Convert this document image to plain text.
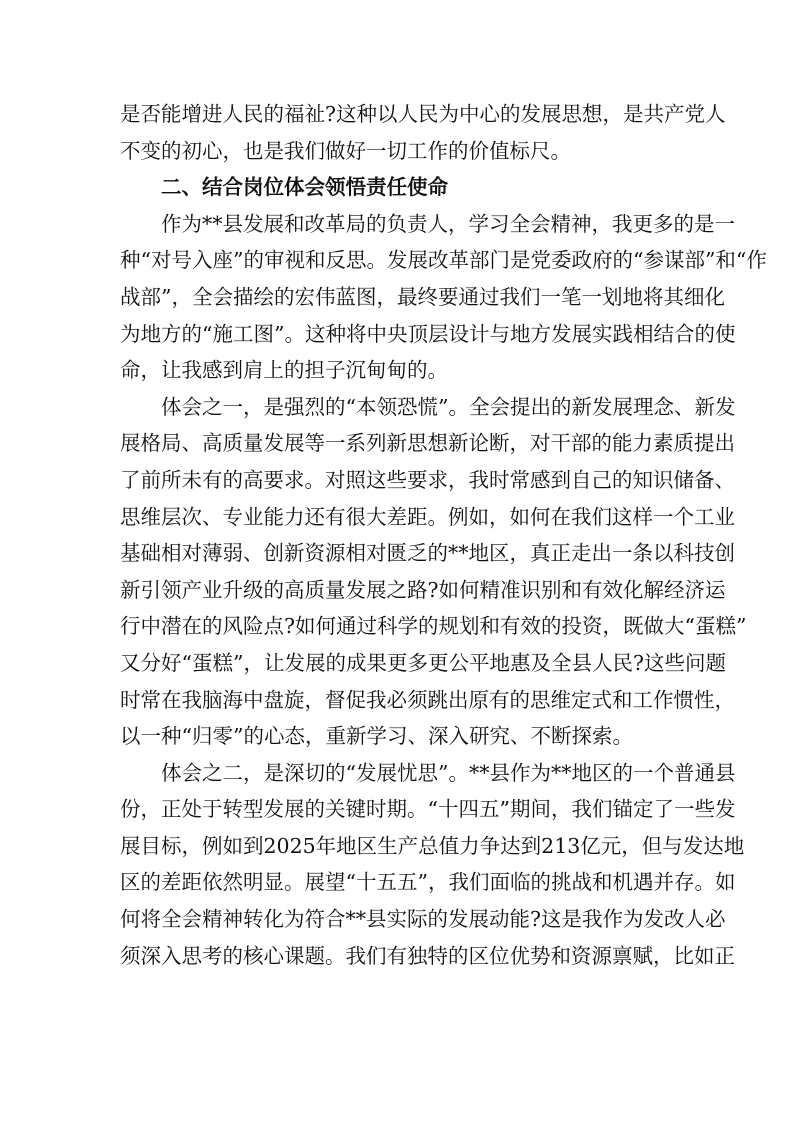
是否能增进人民的福祉?这种以人民为中心的发展思想，是共产党人
不变的初心，也是我们做好一切工作的价值标尺。
二、结合岗位体会领悟责任使命
作为**县发展和改革局的负责人，学习全会精神，我更多的是一
种“对号入座”的审视和反思。发展改革部门是党委政府的“参谋部”和“作
战部”，全会描绘的宏伟蓝图，最终要通过我们一笔一划地将其细化
为地方的“施工图”。这种将中央顶层设计与地方发展实践相结合的使
命，让我感到肩上的担子沉甸甸的。
体会之一，是强烈的“本领恐慌”。全会提出的新发展理念、新发
展格局、高质量发展等一系列新思想新论断，对干部的能力素质提出
了前所未有的高要求。对照这些要求，我时常感到自己的知识储备、
思维层次、专业能力还有很大差距。例如，如何在我们这样一个工业
基础相对薄弱、创新资源相对匮乏的**地区，真正走出一条以科技创
新引领产业升级的高质量发展之路?如何精准识别和有效化解经济运
行中潜在的风险点?如何通过科学的规划和有效的投资，既做大“蛋糕”
又分好“蛋糕”，让发展的成果更多更公平地惠及全县人民?这些问题
时常在我脑海中盘旋，督促我必须跳出原有的思维定式和工作惯性，
以一种“归零”的心态，重新学习、深入研究、不断探索。
体会之二，是深切的“发展忧思”。**县作为**地区的一个普通县
份，正处于转型发展的关键时期。“十四五”期间，我们锚定了一些发
展目标，例如到2025年地区生产总值力争达到213亿元，但与发达地
区的差距依然明显。展望“十五五”，我们面临的挑战和机遇并存。如
何将全会精神转化为符合**县实际的发展动能?这是我作为发改人必
须深入思考的核心课题。我们有独特的区位优势和资源禀赋，比如正
